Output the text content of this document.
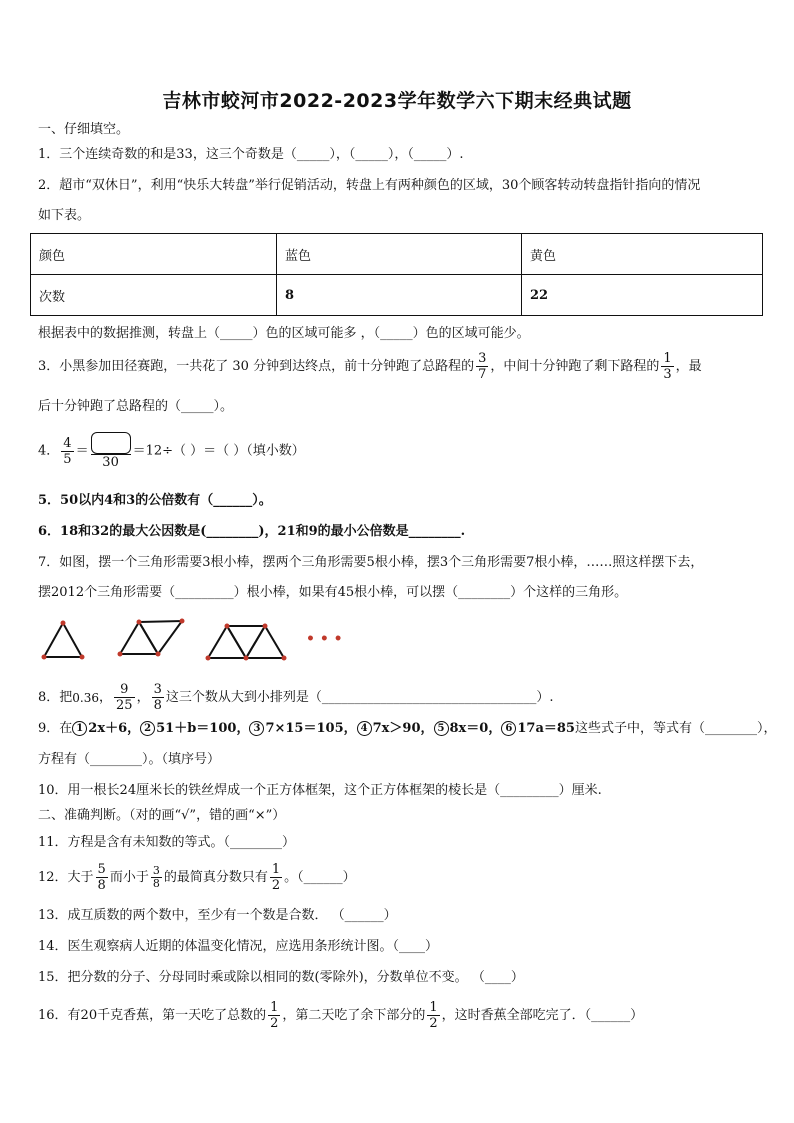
吉林市蛟河市2022-2023学年数学六下期末经典试题
一、仔细填空。
1．三个连续奇数的和是33，这三个奇数是（_____），（_____），（_____）.
2．超市“双休日”，利用“快乐大转盘”举行促销活动，转盘上有两种颜色的区域，30个顾客转动转盘指针指向的情况
如下表。
颜色	蓝色	黄色
次数	8	22
根据表中的数据推测，转盘上（_____）色的区域可能多 ，（_____）色的区域可能少。
3．小黑参加田径赛跑，一共花了 30 分钟到达终点，前十分钟跑了总路程的 $\frac{3}{7}$ ，中间十分钟跑了剩下路程的 $\frac{1}{3}$ ，最
后十分钟跑了总路程的（_____）。
4． $\frac{4}{5}$ ＝
30
＝12÷（ ）＝（ ）（填小数）
5．50以内4和3的公倍数有（______）。
6．18和32的最大公因数是(________)，21和9的最小公倍数是________.
7．如图，摆一个三角形需要3根小棒，摆两个三角形需要5根小棒，摆3个三角形需要7根小棒，……照这样摆下去，
摆2012个三角形需要（_________）根小棒，如果有45根小棒，可以摆（________）个这样的三角形。
• • •
8．把0.36， $\frac{9}{25}$ ， $\frac{3}{8}$ 这三个数从大到小排列是（_________________________________）.
9．在 1 2x＋6， 2 51＋b＝100， 3 7×15＝105， 4 7x＞90， 5 8x＝0， 6 17a＝85这些式子中，等式有（________），
方程有（________）。（填序号）
10．用一根长24厘米长的铁丝焊成一个正方体框架，这个正方体框架的棱长是（_________）厘米.
二、准确判断。（对的画“√”，错的画“×”）
11．方程是含有未知数的等式。（________）
12．大于 $\frac{5}{8}$ 而小于 $\frac{3}{8}$ 的最简真分数只有 $\frac{1}{2}$ 。（______）
13．成互质数的两个数中，至少有一个数是合数． （______）
14．医生观察病人近期的体温变化情况，应选用条形统计图。（____）
15．把分数的分子、分母同时乘或除以相同的数(零除外)，分数单位不变。 （____）
16．有20千克香蕉，第一天吃了总数的 $\frac{1}{2}$ ，第二天吃了余下部分的 $\frac{1}{2}$ ，这时香蕉全部吃完了．（______）
